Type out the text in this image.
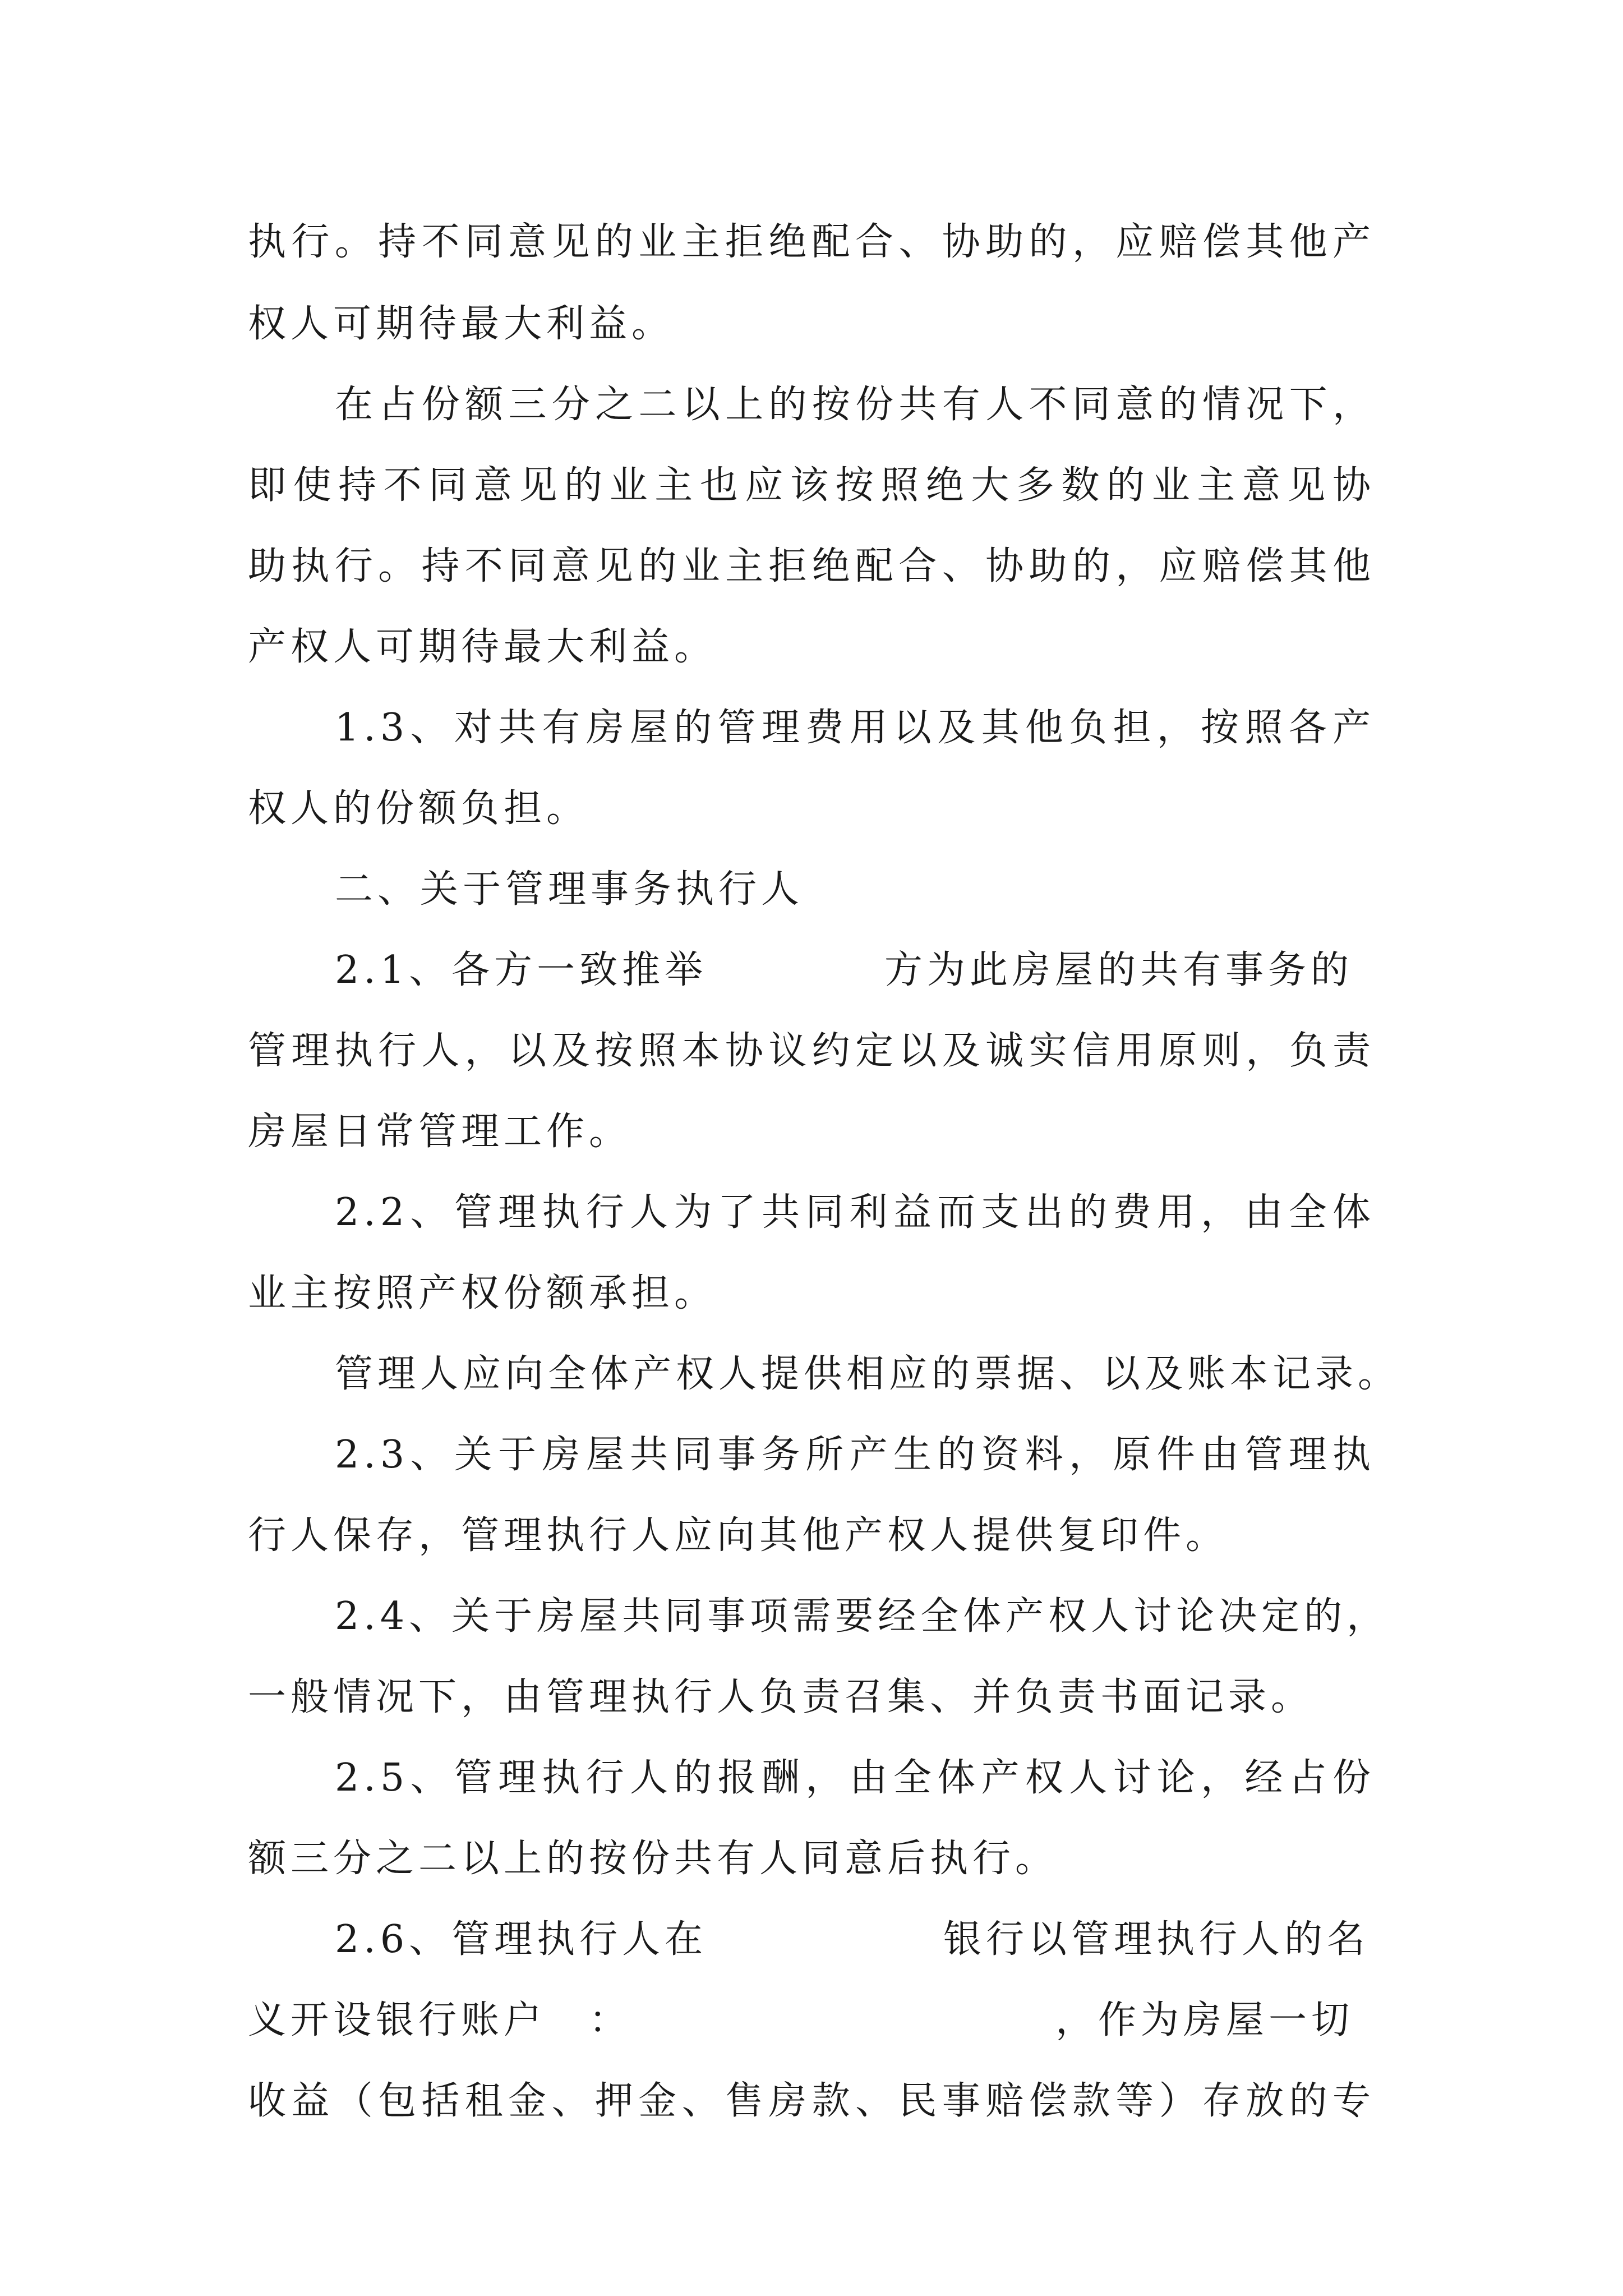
执行。持不同意见的业主拒绝配合、协助的，应赔偿其他产
权人可期待最大利益。
在占份额三分之二以上的按份共有人不同意的情况下，
即使持不同意见的业主也应该按照绝大多数的业主意见协
助执行。持不同意见的业主拒绝配合、协助的，应赔偿其他
产权人可期待最大利益。
1.3、对共有房屋的管理费用以及其他负担，按照各产
权人的份额负担。
二、关于管理事务执行人
2.1、各方一致推举	方为此房屋的共有事务的
管理执行人，以及按照本协议约定以及诚实信用原则，负责
房屋日常管理工作。
2.2、管理执行人为了共同利益而支出的费用，由全体
业主按照产权份额承担。
管理人应向全体产权人提供相应的票据、以及账本记录。
2.3、关于房屋共同事务所产生的资料，原件由管理执
行人保存，管理执行人应向其他产权人提供复印件。
2.4、关于房屋共同事项需要经全体产权人讨论决定的，
一般情况下，由管理执行人负责召集、并负责书面记录。
2.5、管理执行人的报酬，由全体产权人讨论，经占份
额三分之二以上的按份共有人同意后执行。
2.6、管理执行人在	银行以管理执行人的名
义开设银行账户　：	，作为房屋一切
收益（包括租金、押金、售房款、民事赔偿款等）存放的专
